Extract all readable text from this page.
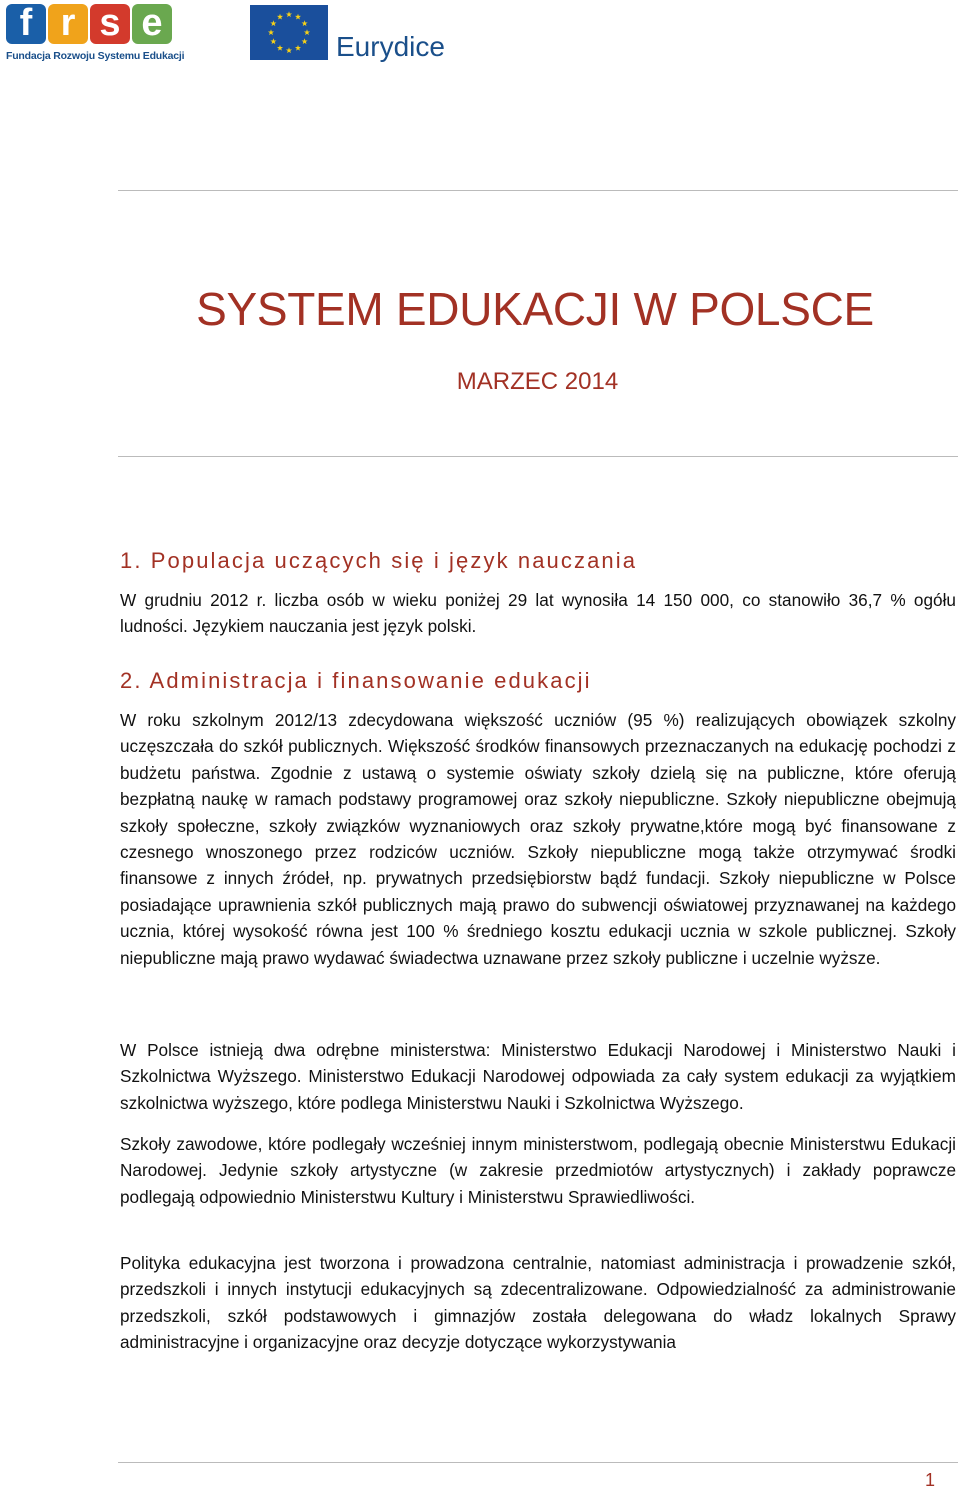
f r s e
Fundacja Rozwoju Systemu Edukacji	Eurydice
SYSTEM EDUKACJI W POLSCE
MARZEC 2014
1. Populacja uczących się i język nauczania
W grudniu 2012 r. liczba osób w wieku poniżej 29 lat wynosiła 14 150 000, co stanowiło 36,7 % ogółu ludności. Językiem nauczania jest język polski.
2. Administracja i finansowanie edukacji
W roku szkolnym 2012/13 zdecydowana większość uczniów (95 %) realizujących obowiązek szkolny uczęszczała do szkół publicznych. Większość środków finansowych przeznaczanych na edukację pochodzi z budżetu państwa. Zgodnie z ustawą o systemie oświaty szkoły dzielą się na publiczne, które oferują bezpłatną naukę w ramach podstawy programowej oraz szkoły niepubliczne. Szkoły niepubliczne obejmują szkoły społeczne, szkoły związków wyznaniowych oraz szkoły prywatne,które mogą być finansowane z czesnego wnoszonego przez rodziców uczniów. Szkoły niepubliczne mogą także otrzymywać środki finansowe z innych źródeł, np. prywatnych przedsiębiorstw bądź fundacji. Szkoły niepubliczne w Polsce posiadające uprawnienia szkół publicznych mają prawo do subwencji oświatowej przyznawanej na każdego ucznia, której wysokość równa jest 100 % średniego kosztu edukacji ucznia w szkole publicznej. Szkoły niepubliczne mają prawo wydawać świadectwa uznawane przez szkoły publiczne i uczelnie wyższe.
W Polsce istnieją dwa odrębne ministerstwa: Ministerstwo Edukacji Narodowej i Ministerstwo Nauki i Szkolnictwa Wyższego. Ministerstwo Edukacji Narodowej odpowiada za cały system edukacji za wyjątkiem szkolnictwa wyższego, które podlega Ministerstwu Nauki i Szkolnictwa Wyższego.
Szkoły zawodowe, które podlegały wcześniej innym ministerstwom, podlegają obecnie Ministerstwu Edukacji Narodowej. Jedynie szkoły artystyczne (w zakresie przedmiotów artystycznych) i zakłady poprawcze podlegają odpowiednio Ministerstwu Kultury i Ministerstwu Sprawiedliwości.
Polityka edukacyjna jest tworzona i prowadzona centralnie, natomiast administracja i prowadzenie szkół, przedszkoli i innych instytucji edukacyjnych są zdecentralizowane. Odpowiedzialność za administrowanie przedszkoli, szkół podstawowych i gimnazjów została delegowana do władz lokalnych Sprawy administracyjne i organizacyjne oraz decyzje dotyczące wykorzystywania
1
